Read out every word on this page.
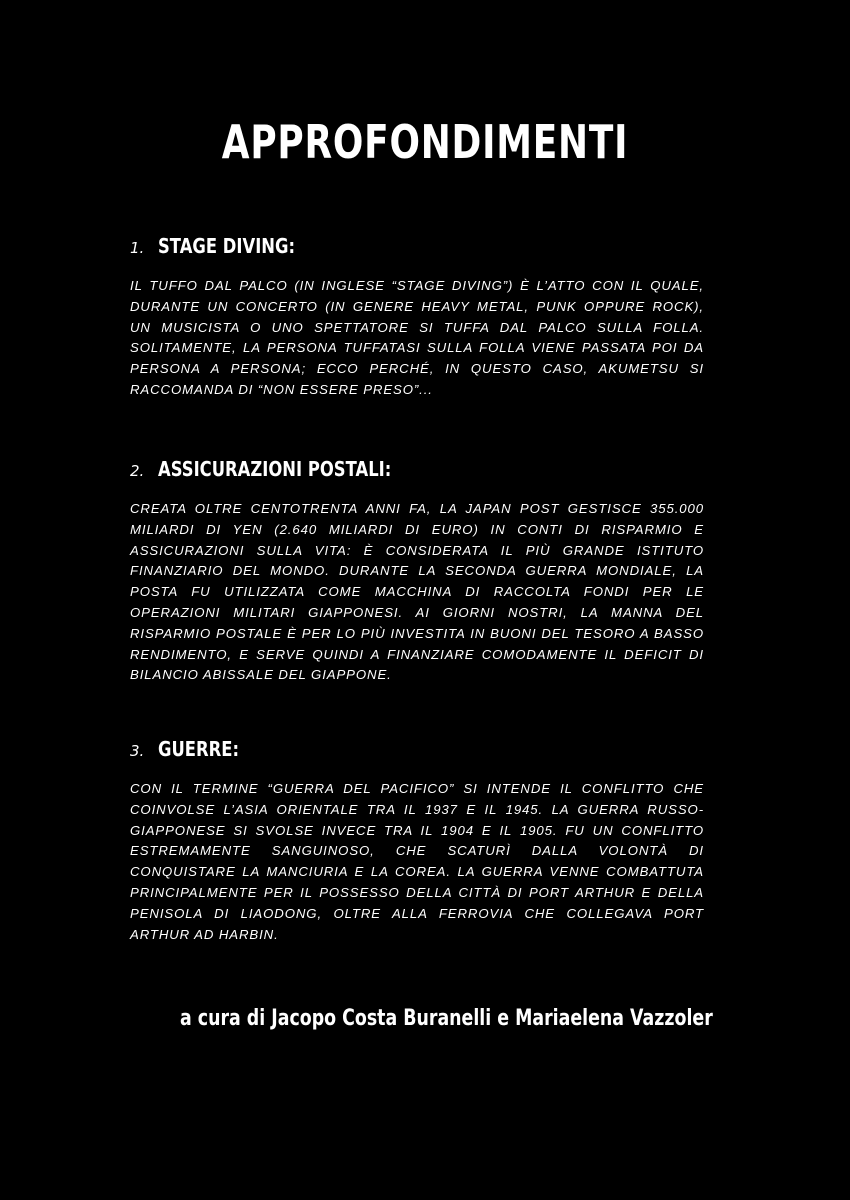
APPROFONDIMENTI
1. STAGE DIVING:
IL TUFFO DAL PALCO (IN INGLESE “STAGE DIVING”) È L’ATTO CON IL QUALE, DURANTE UN CONCERTO (IN GENERE HEAVY METAL, PUNK OPPURE ROCK), UN MUSICISTA O UNO SPETTATORE SI TUFFA DAL PALCO SULLA FOLLA. SOLITAMENTE, LA PERSONA TUFFATASI SULLA FOLLA VIENE PASSATA POI DA PERSONA A PERSONA; ECCO PERCHÉ, IN QUESTO CASO, AKUMETSU SI RACCOMANDA DI “NON ESSERE PRESO”...
2. ASSICURAZIONI POSTALI:
CREATA OLTRE CENTOTRENTA ANNI FA, LA JAPAN POST GESTISCE 355.000 MILIARDI DI YEN (2.640 MILIARDI DI EURO) IN CONTI DI RISPARMIO E ASSICURAZIONI SULLA VITA: È CONSIDERATA IL PIÙ GRANDE ISTITUTO FINANZIARIO DEL MONDO. DURANTE LA SECONDA GUERRA MONDIALE, LA POSTA FU UTILIZZATA COME MACCHINA DI RACCOLTA FONDI PER LE OPERAZIONI MILITARI GIAPPONESI. AI GIORNI NOSTRI, LA MANNA DEL RISPARMIO POSTALE È PER LO PIÙ INVESTITA IN BUONI DEL TESORO A BASSO RENDIMENTO, E SERVE QUINDI A FINANZIARE COMODAMENTE IL DEFICIT DI BILANCIO ABISSALE DEL GIAPPONE.
3. GUERRE:
CON IL TERMINE “GUERRA DEL PACIFICO” SI INTENDE IL CONFLITTO CHE COINVOLSE L’ASIA ORIENTALE TRA IL 1937 E IL 1945. LA GUERRA RUSSO-GIAPPONESE SI SVOLSE INVECE TRA IL 1904 E IL 1905. FU UN CONFLITTO ESTREMAMENTE SANGUINOSO, CHE SCATURÌ DALLA VOLONTÀ DI CONQUISTARE LA MANCIURIA E LA COREA. LA GUERRA VENNE COMBATTUTA PRINCIPALMENTE PER IL POSSESSO DELLA CITTÀ DI PORT ARTHUR E DELLA PENISOLA DI LIAODONG, OLTRE ALLA FERROVIA CHE COLLEGAVA PORT ARTHUR AD HARBIN.
a cura di Jacopo Costa Buranelli e Mariaelena Vazzoler
